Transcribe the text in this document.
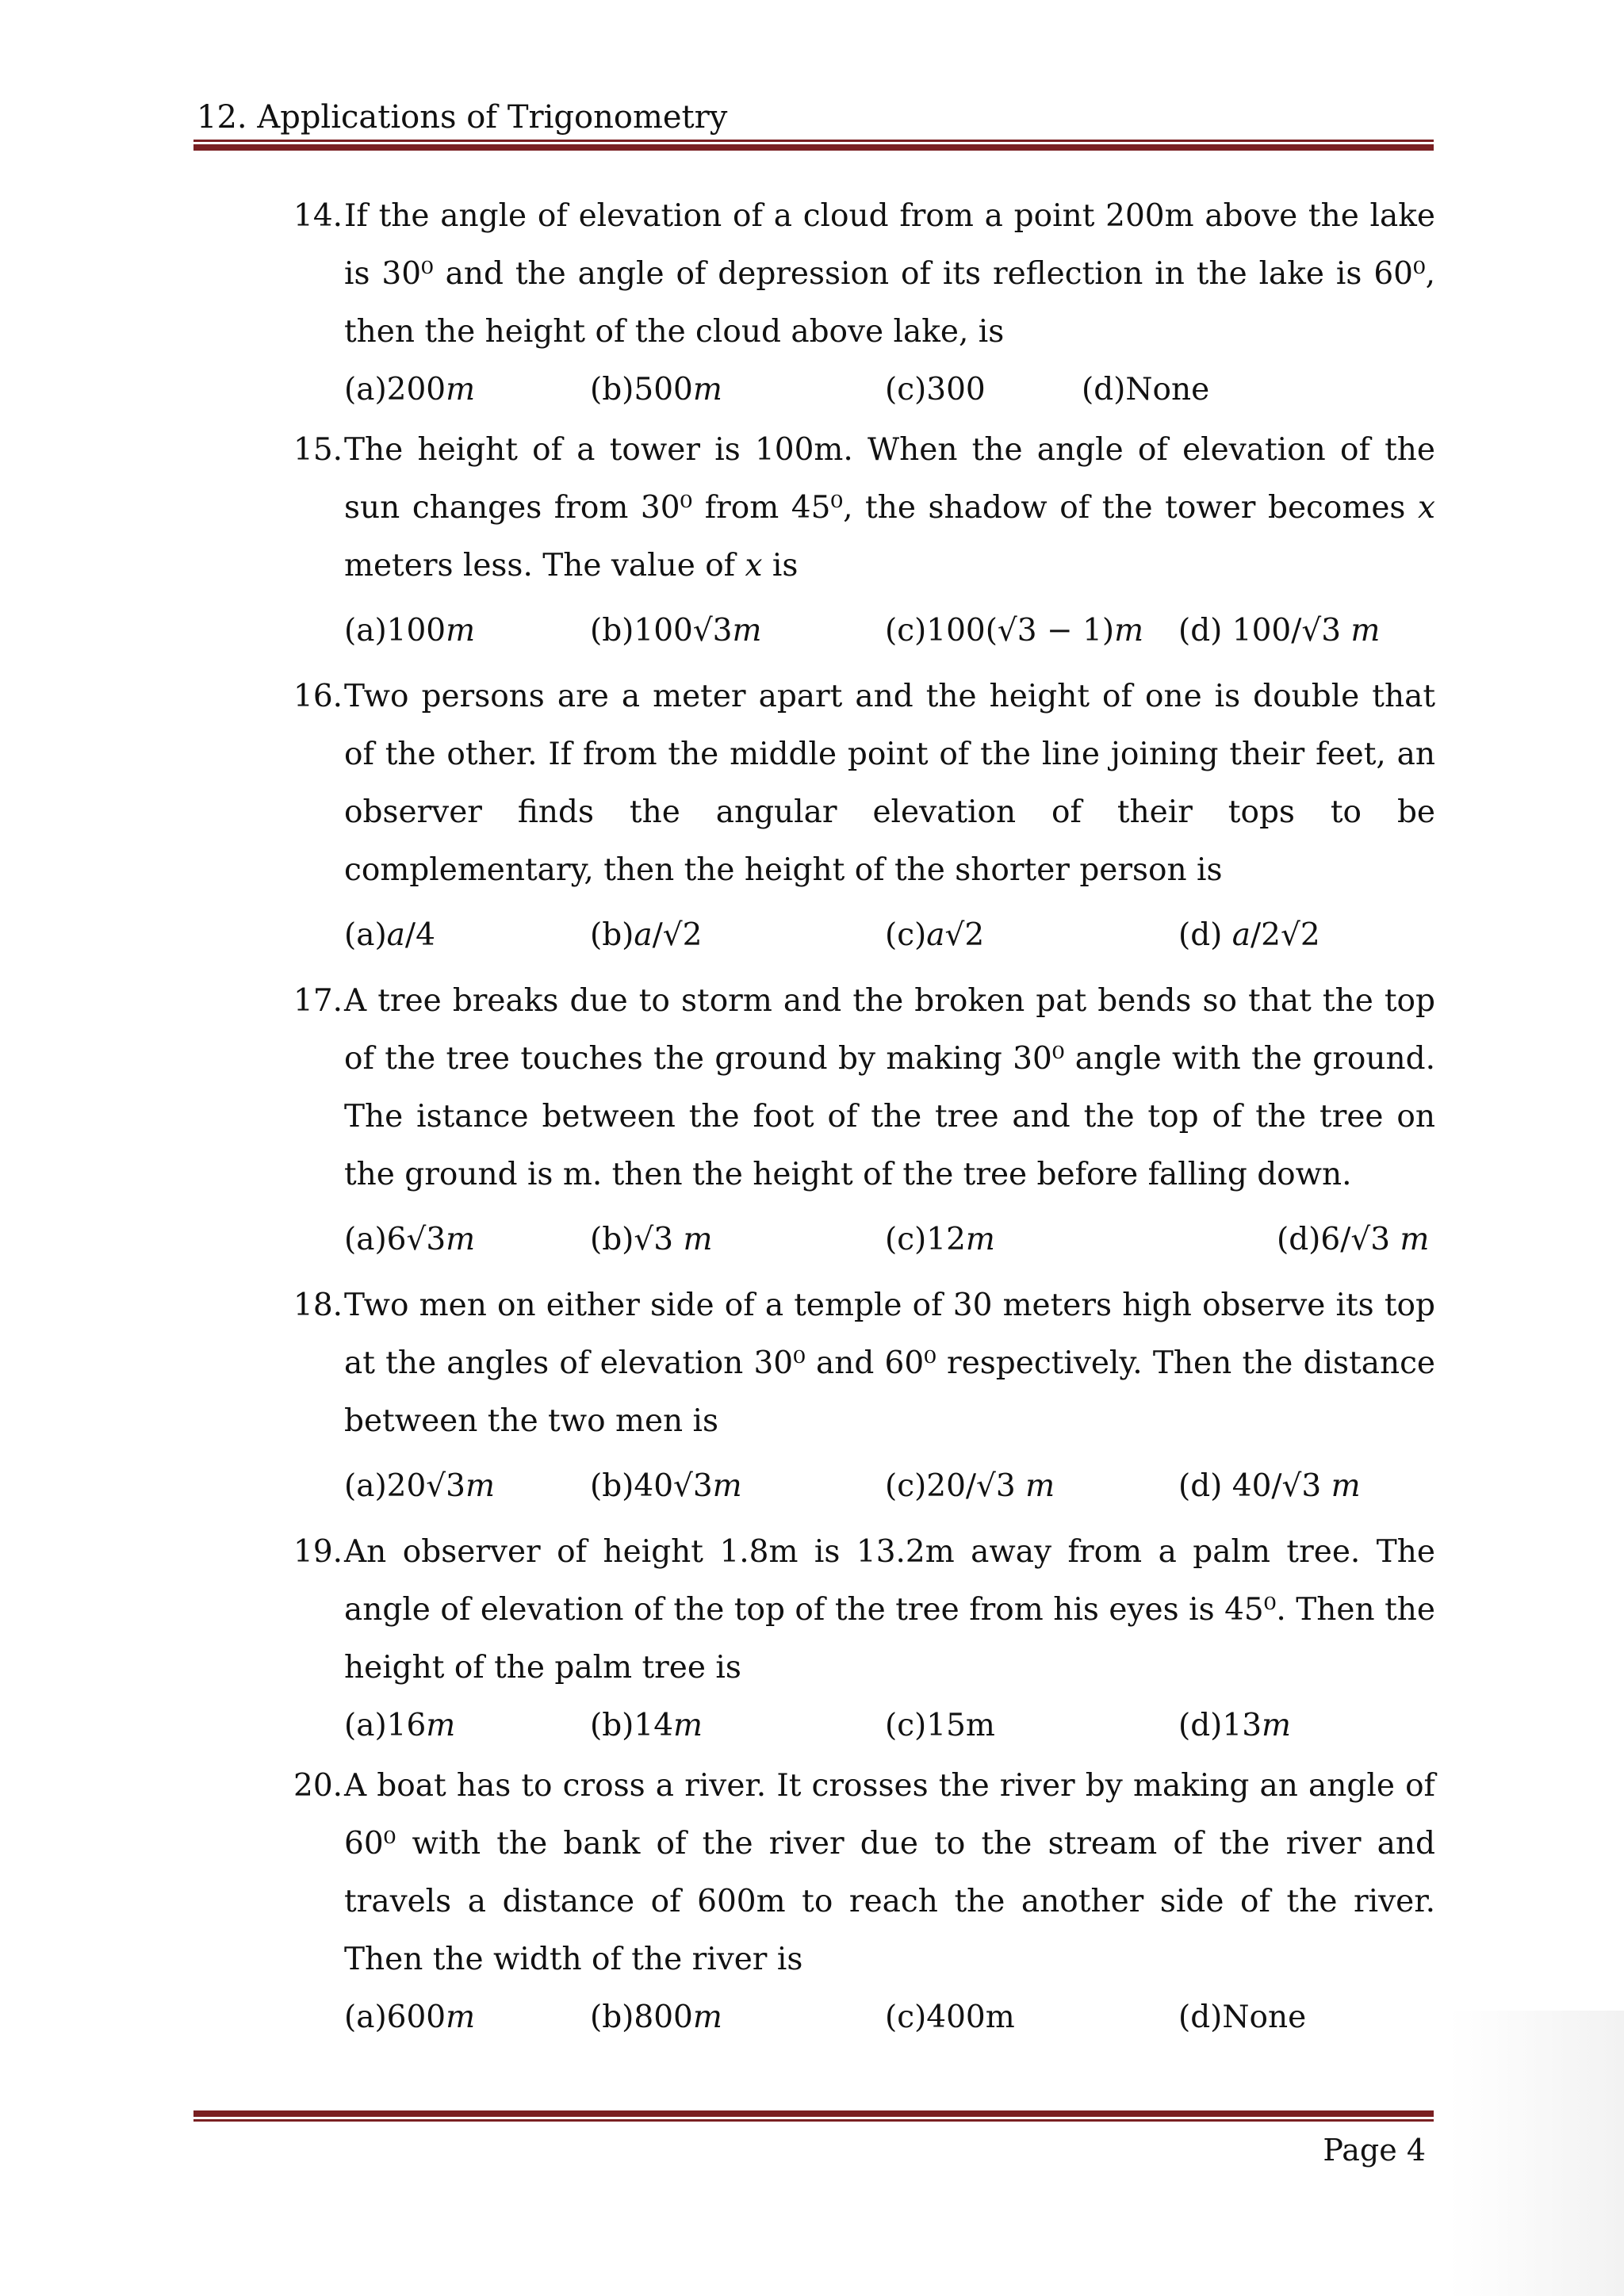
12. Applications of Trigonometry
14. If the angle of elevation of a cloud from a point 200m above the lake is 30⁰ and the angle of depression of its reflection in the lake is 60⁰, then the height of the cloud above lake, is
(a)200𝑚	(b)500𝑚	(c)300	(d)None
15. The height of a tower is 100m. When the angle of elevation of the sun changes from 30⁰ from 45⁰, the shadow of the tower becomes 𝑥 meters less. The value of 𝑥 is
(a)100𝑚	(b)100√3𝑚	(c)100(√3 − 1)𝑚 (d) 100/√3 𝑚
16. Two persons are a meter apart and the height of one is double that of the other. If from the middle point of the line joining their feet, an observer finds the angular elevation of their tops to be complementary, then the height of the shorter person is
(a)𝑎/4	(b)𝑎/√2	(c)𝑎√2	(d) 𝑎/2√2
17. A tree breaks due to storm and the broken pat bends so that the top of the tree touches the ground by making 30⁰ angle with the ground. The istance between the foot of the tree and the top of the tree on the ground is m. then the height of the tree before falling down.
(a)6√3𝑚	(b)√3 𝑚	(c)12𝑚	(d)6/√3 𝑚
18. Two men on either side of a temple of 30 meters high observe its top at the angles of elevation 30⁰ and 60⁰ respectively. Then the distance between the two men is
(a)20√3𝑚	(b)40√3𝑚	(c)20/√3 𝑚	(d) 40/√3 𝑚
19. An observer of height 1.8m is 13.2m away from a palm tree. The angle of elevation of the top of the tree from his eyes is 45⁰. Then the height of the palm tree is
(a)16𝑚	(b)14𝑚	(c)15m	(d)13𝑚
20. A boat has to cross a river. It crosses the river by making an angle of 60⁰ with the bank of the river due to the stream of the river and travels a distance of 600m to reach the another side of the river. Then the width of the river is
(a)600𝑚	(b)800𝑚	(c)400m	(d)None
Page 4
